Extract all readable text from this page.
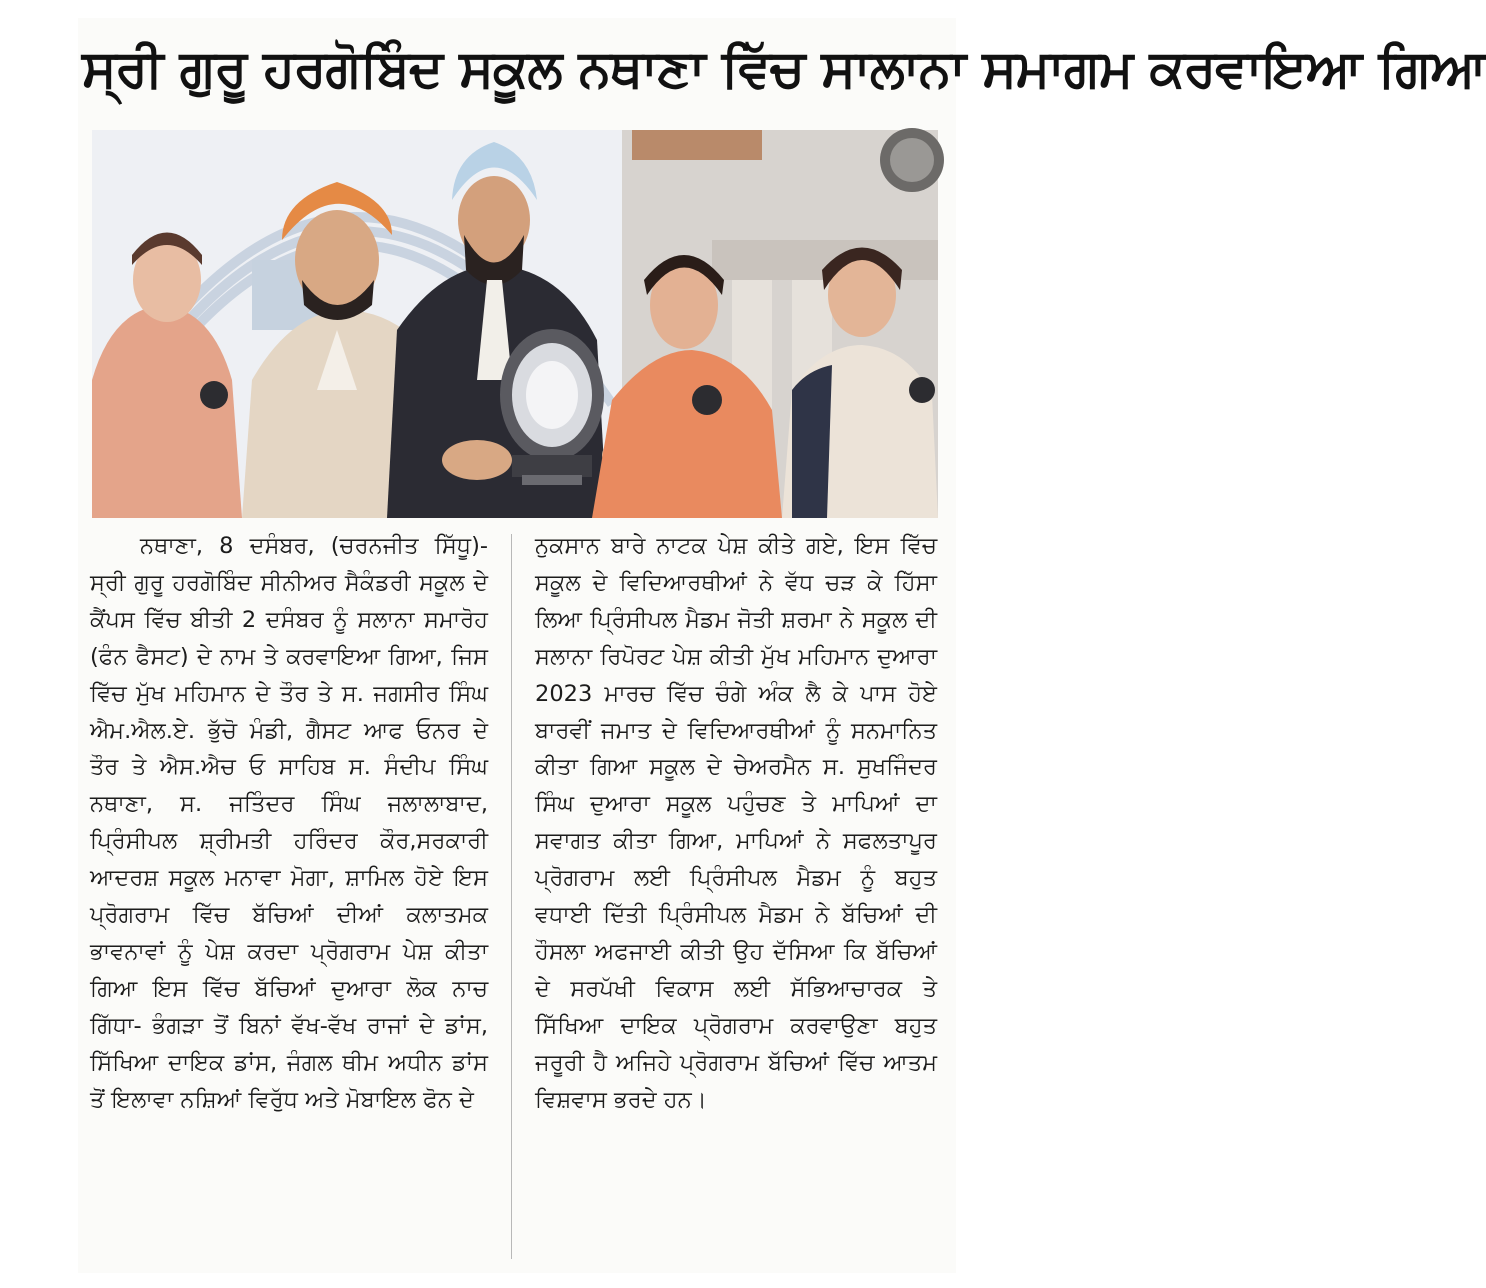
ਸ੍ਰੀ ਗੁਰੂ ਹਰਗੋਬਿੰਦ ਸਕੂਲ ਨਥਾਣਾ ਵਿੱਚ ਸਾਲਾਨਾ ਸਮਾਗਮ ਕਰਵਾਇਆ ਗਿਆ

ਨਥਾਣਾ, 8 ਦਸੰਬਰ, (ਚਰਨਜੀਤ ਸਿੱਧੂ)- ਸ੍ਰੀ ਗੁਰੂ ਹਰਗੋਬਿੰਦ ਸੀਨੀਅਰ ਸੈਕੰਡਰੀ ਸਕੂਲ ਦੇ ਕੈਂਪਸ ਵਿੱਚ ਬੀਤੀ 2 ਦਸੰਬਰ ਨੂੰ ਸਲਾਨਾ ਸਮਾਰੋਹ (ਫੰਨ ਫੈਸਟ) ਦੇ ਨਾਮ ਤੇ ਕਰਵਾਇਆ ਗਿਆ, ਜਿਸ ਵਿੱਚ ਮੁੱਖ ਮਹਿਮਾਨ ਦੇ ਤੌਰ ਤੇ ਸ. ਜਗਸੀਰ ਸਿੰਘ ਐਮ.ਐਲ.ਏ. ਭੁੱਚੋ ਮੰਡੀ, ਗੈਸਟ ਆਫ ਓਨਰ ਦੇ ਤੌਰ ਤੇ ਐਸ.ਐਚ ਓ ਸਾਹਿਬ ਸ. ਸੰਦੀਪ ਸਿੰਘ ਨਥਾਣਾ, ਸ. ਜਤਿੰਦਰ ਸਿੰਘ ਜਲਾਲਾਬਾਦ, ਪ੍ਰਿੰਸੀਪਲ ਸ਼੍ਰੀਮਤੀ ਹਰਿੰਦਰ ਕੌਰ,ਸਰਕਾਰੀ ਆਦਰਸ਼ ਸਕੂਲ ਮਨਾਵਾ ਮੋਗਾ, ਸ਼ਾਮਿਲ ਹੋਏ ਇਸ ਪ੍ਰੋਗਰਾਮ ਵਿੱਚ ਬੱਚਿਆਂ ਦੀਆਂ ਕਲਾਤਮਕ ਭਾਵਨਾਵਾਂ ਨੂੰ ਪੇਸ਼ ਕਰਦਾ ਪ੍ਰੋਗਰਾਮ ਪੇਸ਼ ਕੀਤਾ ਗਿਆ ਇਸ ਵਿੱਚ ਬੱਚਿਆਂ ਦੁਆਰਾ ਲੋਕ ਨਾਚ ਗਿੱਧਾ- ਭੰਗੜਾ ਤੋਂ ਬਿਨਾਂ ਵੱਖ-ਵੱਖ ਰਾਜਾਂ ਦੇ ਡਾਂਸ, ਸਿੱਖਿਆ ਦਾਇਕ ਡਾਂਸ, ਜੰਗਲ ਥੀਮ ਅਧੀਨ ਡਾਂਸ ਤੋਂ ਇਲਾਵਾ ਨਸ਼ਿਆਂ ਵਿਰੁੱਧ ਅਤੇ ਮੋਬਾਇਲ ਫੋਨ ਦੇ

ਨੁਕਸਾਨ ਬਾਰੇ ਨਾਟਕ ਪੇਸ਼ ਕੀਤੇ ਗਏ, ਇਸ ਵਿੱਚ ਸਕੂਲ ਦੇ ਵਿਦਿਆਰਥੀਆਂ ਨੇ ਵੱਧ ਚੜ ਕੇ ਹਿੱਸਾ ਲਿਆ ਪ੍ਰਿੰਸੀਪਲ ਮੈਡਮ ਜੋਤੀ ਸ਼ਰਮਾ ਨੇ ਸਕੂਲ ਦੀ ਸਲਾਨਾ ਰਿਪੋਰਟ ਪੇਸ਼ ਕੀਤੀ ਮੁੱਖ ਮਹਿਮਾਨ ਦੁਆਰਾ 2023 ਮਾਰਚ ਵਿੱਚ ਚੰਗੇ ਅੰਕ ਲੈ ਕੇ ਪਾਸ ਹੋਏ ਬਾਰਵੀਂ ਜਮਾਤ ਦੇ ਵਿਦਿਆਰਥੀਆਂ ਨੂੰ ਸਨਮਾਨਿਤ ਕੀਤਾ ਗਿਆ ਸਕੂਲ ਦੇ ਚੇਅਰਮੈਨ ਸ. ਸੁਖਜਿੰਦਰ ਸਿੰਘ ਦੁਆਰਾ ਸਕੂਲ ਪਹੁੰਚਣ ਤੇ ਮਾਪਿਆਂ ਦਾ ਸਵਾਗਤ ਕੀਤਾ ਗਿਆ, ਮਾਪਿਆਂ ਨੇ ਸਫਲਤਾਪੂਰ ਪ੍ਰੋਗਰਾਮ ਲਈ ਪ੍ਰਿੰਸੀਪਲ ਮੈਡਮ ਨੂੰ ਬਹੁਤ ਵਧਾਈ ਦਿੱਤੀ ਪ੍ਰਿੰਸੀਪਲ ਮੈਡਮ ਨੇ ਬੱਚਿਆਂ ਦੀ ਹੌਸਲਾ ਅਫਜਾਈ ਕੀਤੀ ਉਹ ਦੱਸਿਆ ਕਿ ਬੱਚਿਆਂ ਦੇ ਸਰਪੱਖੀ ਵਿਕਾਸ ਲਈ ਸੱਭਿਆਚਾਰਕ ਤੇ ਸਿੱਖਿਆ ਦਾਇਕ ਪ੍ਰੋਗਰਾਮ ਕਰਵਾਉਣਾ ਬਹੁਤ ਜਰੂਰੀ ਹੈ ਅਜਿਹੇ ਪ੍ਰੋਗਰਾਮ ਬੱਚਿਆਂ ਵਿੱਚ ਆਤਮ ਵਿਸ਼ਵਾਸ ਭਰਦੇ ਹਨ।
